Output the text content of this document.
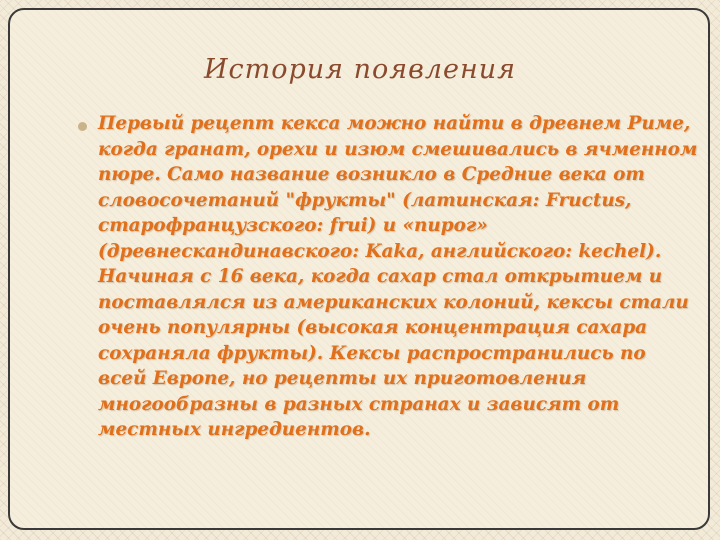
История появления

Первый рецепт кекса можно найти в древнем Риме,
когда гранат, орехи и изюм смешивались в ячменном
пюре. Само название возникло в Средние века от
словосочетаний "фрукты" (латинская: Fructus,
старофранцузского: frui) и «пирог»
(древнескандинавского: Kaka, английского: kechel).
Начиная с 16 века, когда сахар стал открытием и
поставлялся из американских колоний, кексы стали
очень популярны (высокая концентрация сахара
сохраняла фрукты). Кексы распространились по
всей Европе, но рецепты их приготовления
многообразны в разных странах и зависят от
местных ингредиентов.
